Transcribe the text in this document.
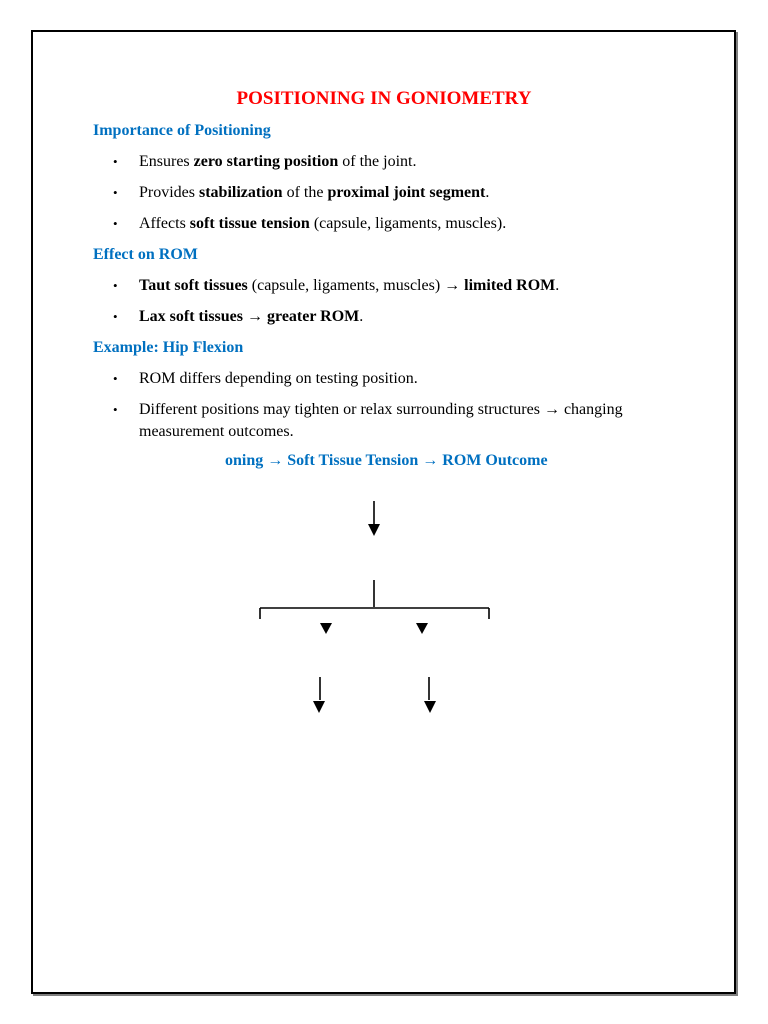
POSITIONING IN GONIOMETRY
Importance of Positioning
• Ensures zero starting position of the joint.
• Provides stabilization of the proximal joint segment.
• Affects soft tissue tension (capsule, ligaments, muscles).
Effect on ROM
• Taut soft tissues (capsule, ligaments, muscles) → limited ROM.
• Lax soft tissues → greater ROM.
Example: Hip Flexion
• ROM differs depending on testing position.
• Different positions may tighten or relax surrounding structures → changing measurement outcomes.
oning → Soft Tissue Tension → ROM Outcome
